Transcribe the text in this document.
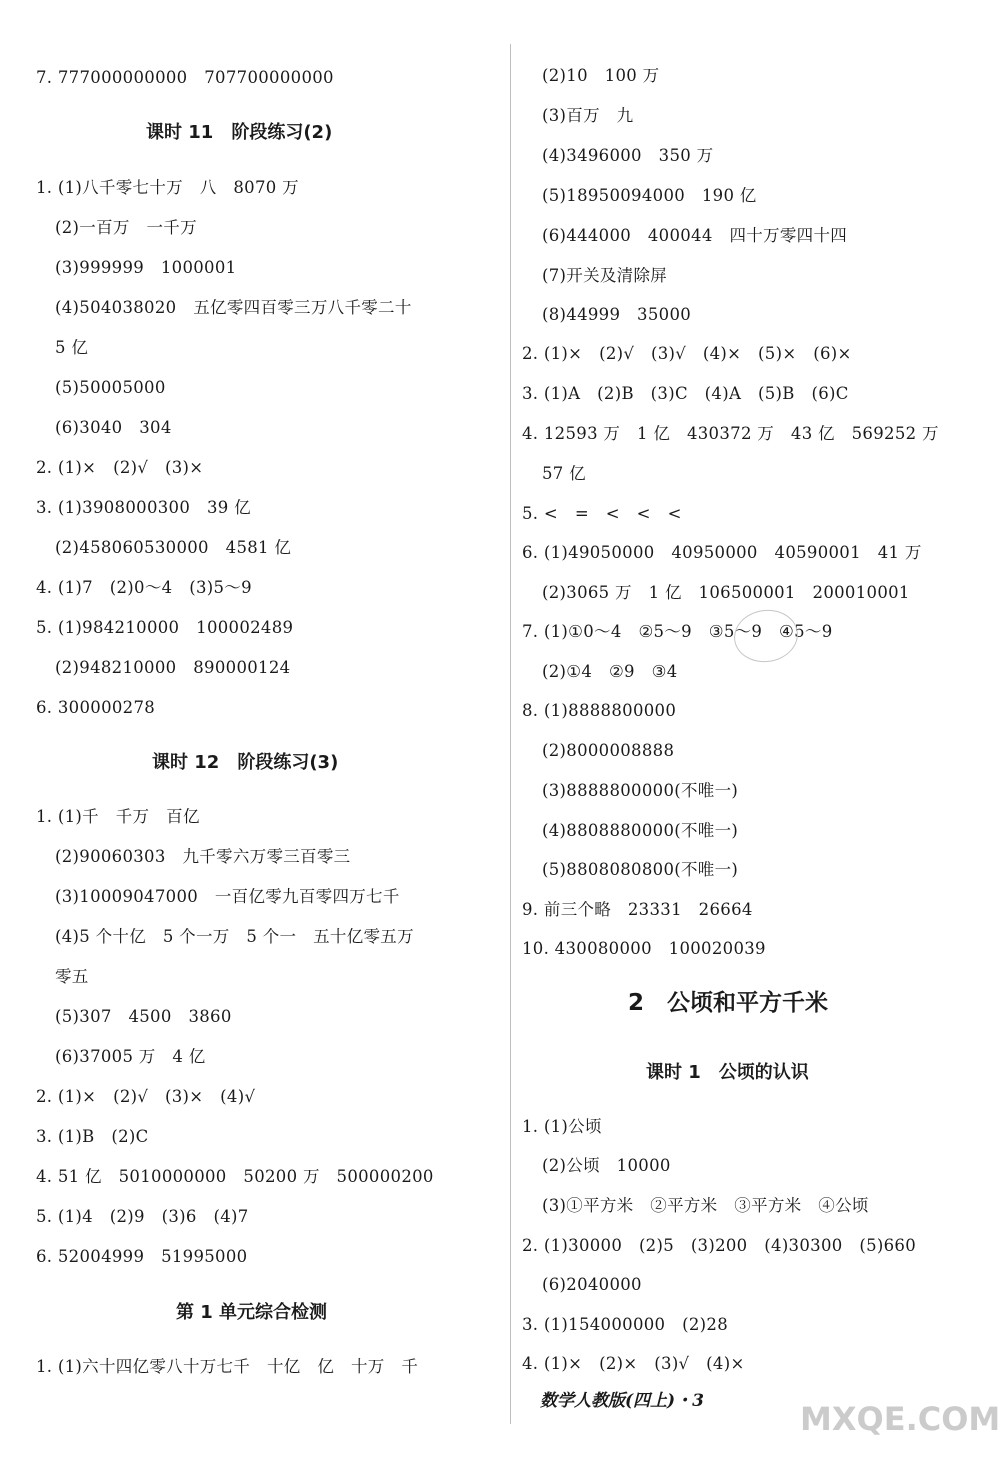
7. 777000000000　707700000000
课时 11　阶段练习(2)
1. (1)八千零七十万　八　8070 万
(2)一百万　一千万
(3)999999　1000001
(4)504038020　五亿零四百零三万八千零二十
5 亿
(5)50005000
(6)3040　304
2. (1)×　(2)√　(3)×
3. (1)3908000300　39 亿
(2)458060530000　4581 亿
4. (1)7　(2)0～4　(3)5～9
5. (1)984210000　100002489
(2)948210000　890000124
6. 300000278
课时 12　阶段练习(3)
1. (1)千　千万　百亿
(2)90060303　九千零六万零三百零三
(3)10009047000　一百亿零九百零四万七千
(4)5 个十亿　5 个一万　5 个一　五十亿零五万
零五
(5)307　4500　3860
(6)37005 万　4 亿
2. (1)×　(2)√　(3)×　(4)√
3. (1)B　(2)C
4. 51 亿　5010000000　50200 万　500000200
5. (1)4　(2)9　(3)6　(4)7
6. 52004999　51995000
第 1 单元综合检测
1. (1)六十四亿零八十万七千　十亿　亿　十万　千
(2)10　100 万
(3)百万　九
(4)3496000　350 万
(5)18950094000　190 亿
(6)444000　400044　四十万零四十四
(7)开关及清除屏
(8)44999　35000
2. (1)×　(2)√　(3)√　(4)×　(5)×　(6)×
3. (1)A　(2)B　(3)C　(4)A　(5)B　(6)C
4. 12593 万　1 亿　430372 万　43 亿　569252 万
57 亿
5. <　=　<　<　<
6. (1)49050000　40950000　40590001　41 万
(2)3065 万　1 亿　106500001　200010001
7. (1)①0～4　②5～9　③5～9　④5～9
(2)①4　②9　③4
8. (1)8888800000
(2)8000008888
(3)8888800000(不唯一)
(4)8808880000(不唯一)
(5)8808080800(不唯一)
9. 前三个略　23331　26664
10. 430080000　100020039
2　公顷和平方千米
课时 1　公顷的认识
1. (1)公顷
(2)公顷　10000
(3)①平方米　②平方米　③平方米　④公顷
2. (1)30000　(2)5　(3)200　(4)30300　(5)660
(6)2040000
3. (1)154000000　(2)28
4. (1)×　(2)×　(3)√　(4)×
数学人教版(四上)・3	MXQE.COM
